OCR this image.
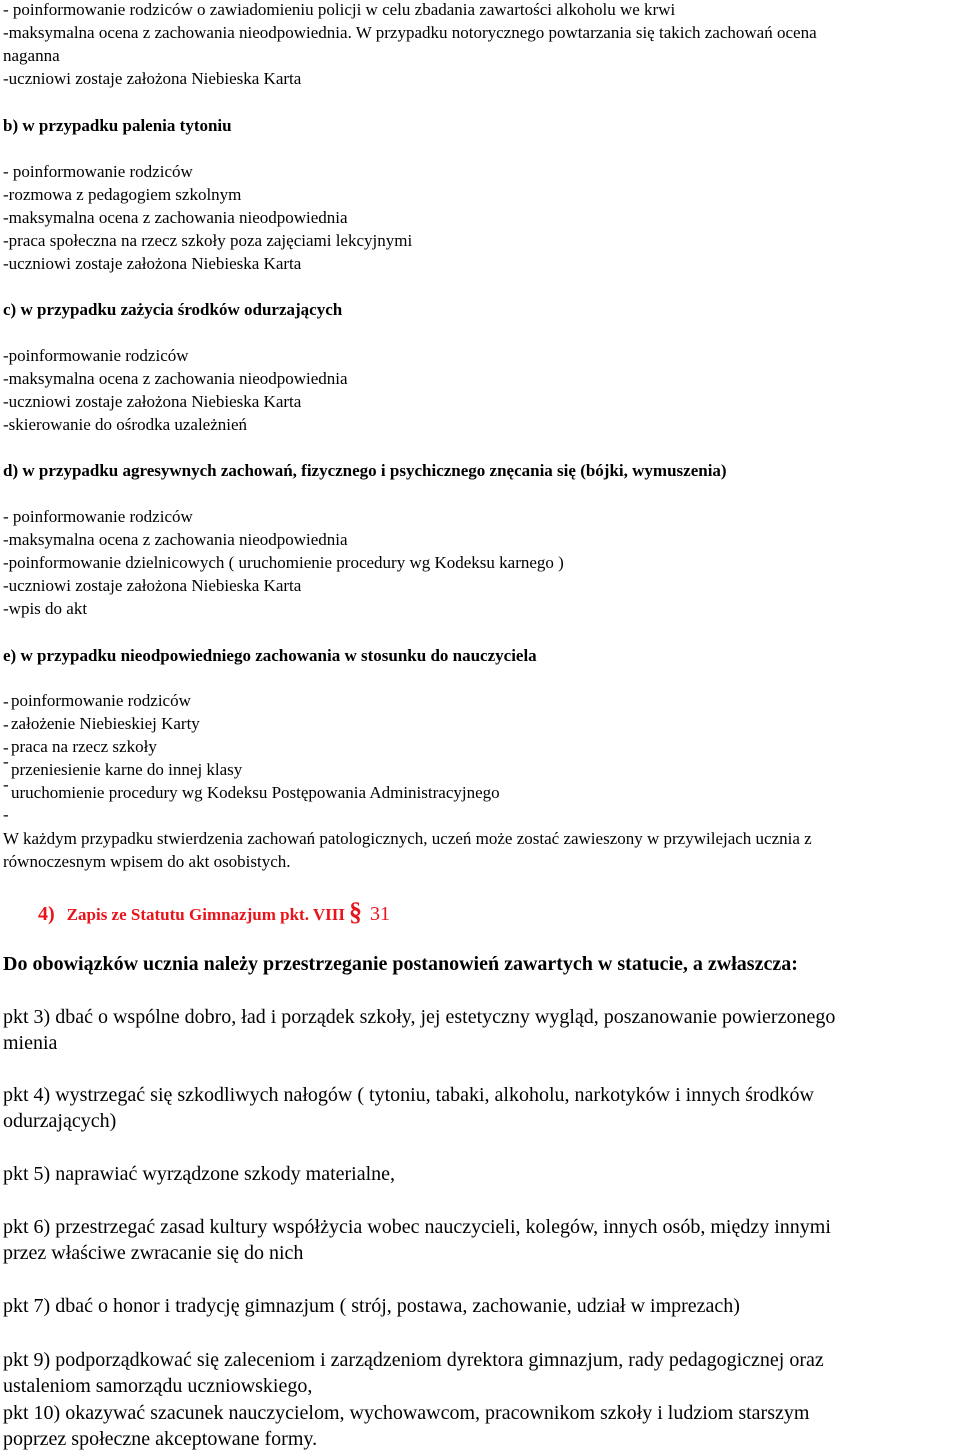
- poinformowanie rodziców o zawiadomieniu policji w celu zbadania zawartości alkoholu we krwi
-maksymalna ocena z zachowania nieodpowiednia. W przypadku notorycznego powtarzania się takich zachowań ocena
naganna
-uczniowi zostaje założona Niebieska Karta
b) w przypadku palenia tytoniu
- poinformowanie rodziców
-rozmowa z pedagogiem szkolnym
-maksymalna ocena z zachowania nieodpowiednia
-praca społeczna na rzecz szkoły poza zajęciami lekcyjnymi
-uczniowi zostaje założona Niebieska Karta
c) w przypadku zażycia środków odurzających
-poinformowanie rodziców
-maksymalna ocena z zachowania nieodpowiednia
-uczniowi zostaje założona Niebieska Karta
-skierowanie do ośrodka uzależnień
d) w przypadku agresywnych zachowań, fizycznego i psychicznego znęcania się (bójki, wymuszenia)
- poinformowanie rodziców
-maksymalna ocena z zachowania nieodpowiednia
-poinformowanie dzielnicowych ( uruchomienie procedury wg Kodeksu karnego )
-uczniowi zostaje założona Niebieska Karta
-wpis do akt
e) w przypadku nieodpowiedniego zachowania w stosunku do nauczyciela
- poinformowanie rodziców
- założenie Niebieskiej Karty
- praca na rzecz szkoły
- przeniesienie karne do innej klasy
- uruchomienie procedury wg Kodeksu Postępowania Administracyjnego
-
W każdym przypadku stwierdzenia zachowań patologicznych, uczeń może zostać zawieszony w przywilejach ucznia z
równoczesnym wpisem do akt osobistych.
4) Zapis ze Statutu Gimnazjum pkt. VIII § 31
Do obowiązków ucznia należy przestrzeganie postanowień zawartych w statucie, a zwłaszcza:
pkt 3) dbać o wspólne dobro, ład i porządek szkoły, jej estetyczny wygląd, poszanowanie powierzonego
mienia
pkt 4) wystrzegać się szkodliwych nałogów ( tytoniu, tabaki, alkoholu, narkotyków i innych środków
odurzających)
pkt 5) naprawiać wyrządzone szkody materialne,
pkt 6) przestrzegać zasad kultury współżycia wobec nauczycieli, kolegów, innych osób, między innymi
przez właściwe zwracanie się do nich
pkt 7) dbać o honor i tradycję gimnazjum ( strój, postawa, zachowanie, udział w imprezach)
pkt 9) podporządkować się zaleceniom i zarządzeniom dyrektora gimnazjum, rady pedagogicznej oraz
ustaleniom samorządu uczniowskiego,
pkt 10) okazywać szacunek nauczycielom, wychowawcom, pracownikom szkoły i ludziom starszym
poprzez społeczne akceptowane formy.
